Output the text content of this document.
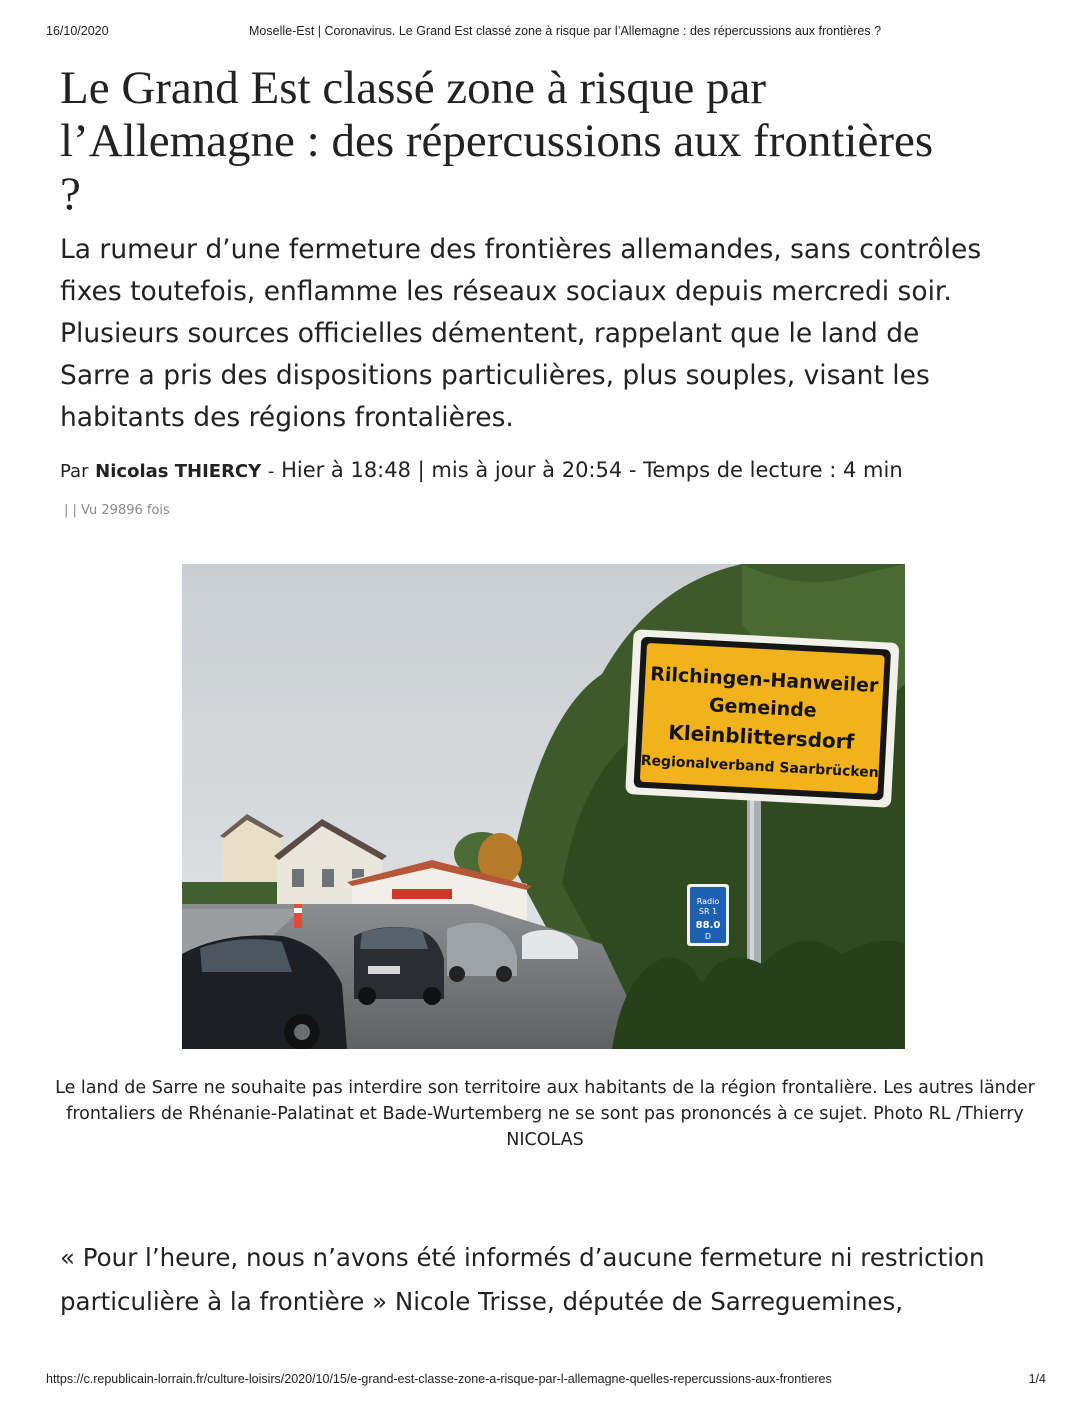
16/10/2020	Moselle-Est | Coronavirus. Le Grand Est classé zone à risque par l’Allemagne : des répercussions aux frontières ?
Le Grand Est classé zone à risque par l’Allemagne : des répercussions aux frontières ?

La rumeur d’une fermeture des frontières allemandes, sans contrôles fixes toutefois, enflamme les réseaux sociaux depuis mercredi soir. Plusieurs sources officielles démentent, rappelant que le land de Sarre a pris des dispositions particulières, plus souples, visant les habitants des régions frontalières.

Par Nicolas THIERCY - Hier à 18:48 | mis à jour à 20:54 - Temps de lecture : 4 min
| | Vu 29896 fois
Rilchingen-Hanweiler
Gemeinde
Kleinblittersdorf
Regionalverband Saarbrücken
Radio
SR 1
88.0
D
Le land de Sarre ne souhaite pas interdire son territoire aux habitants de la région frontalière. Les autres länder frontaliers de Rhénanie-Palatinat et Bade-Wurtemberg ne se sont pas prononcés à ce sujet. Photo RL /Thierry NICOLAS
« Pour l’heure, nous n’avons été informés d’aucune fermeture ni restriction particulière à la frontière » Nicole Trisse, députée de Sarreguemines,
https://c.republicain-lorrain.fr/culture-loisirs/2020/10/15/e-grand-est-classe-zone-a-risque-par-l-allemagne-quelles-repercussions-aux-frontieres	1/4
